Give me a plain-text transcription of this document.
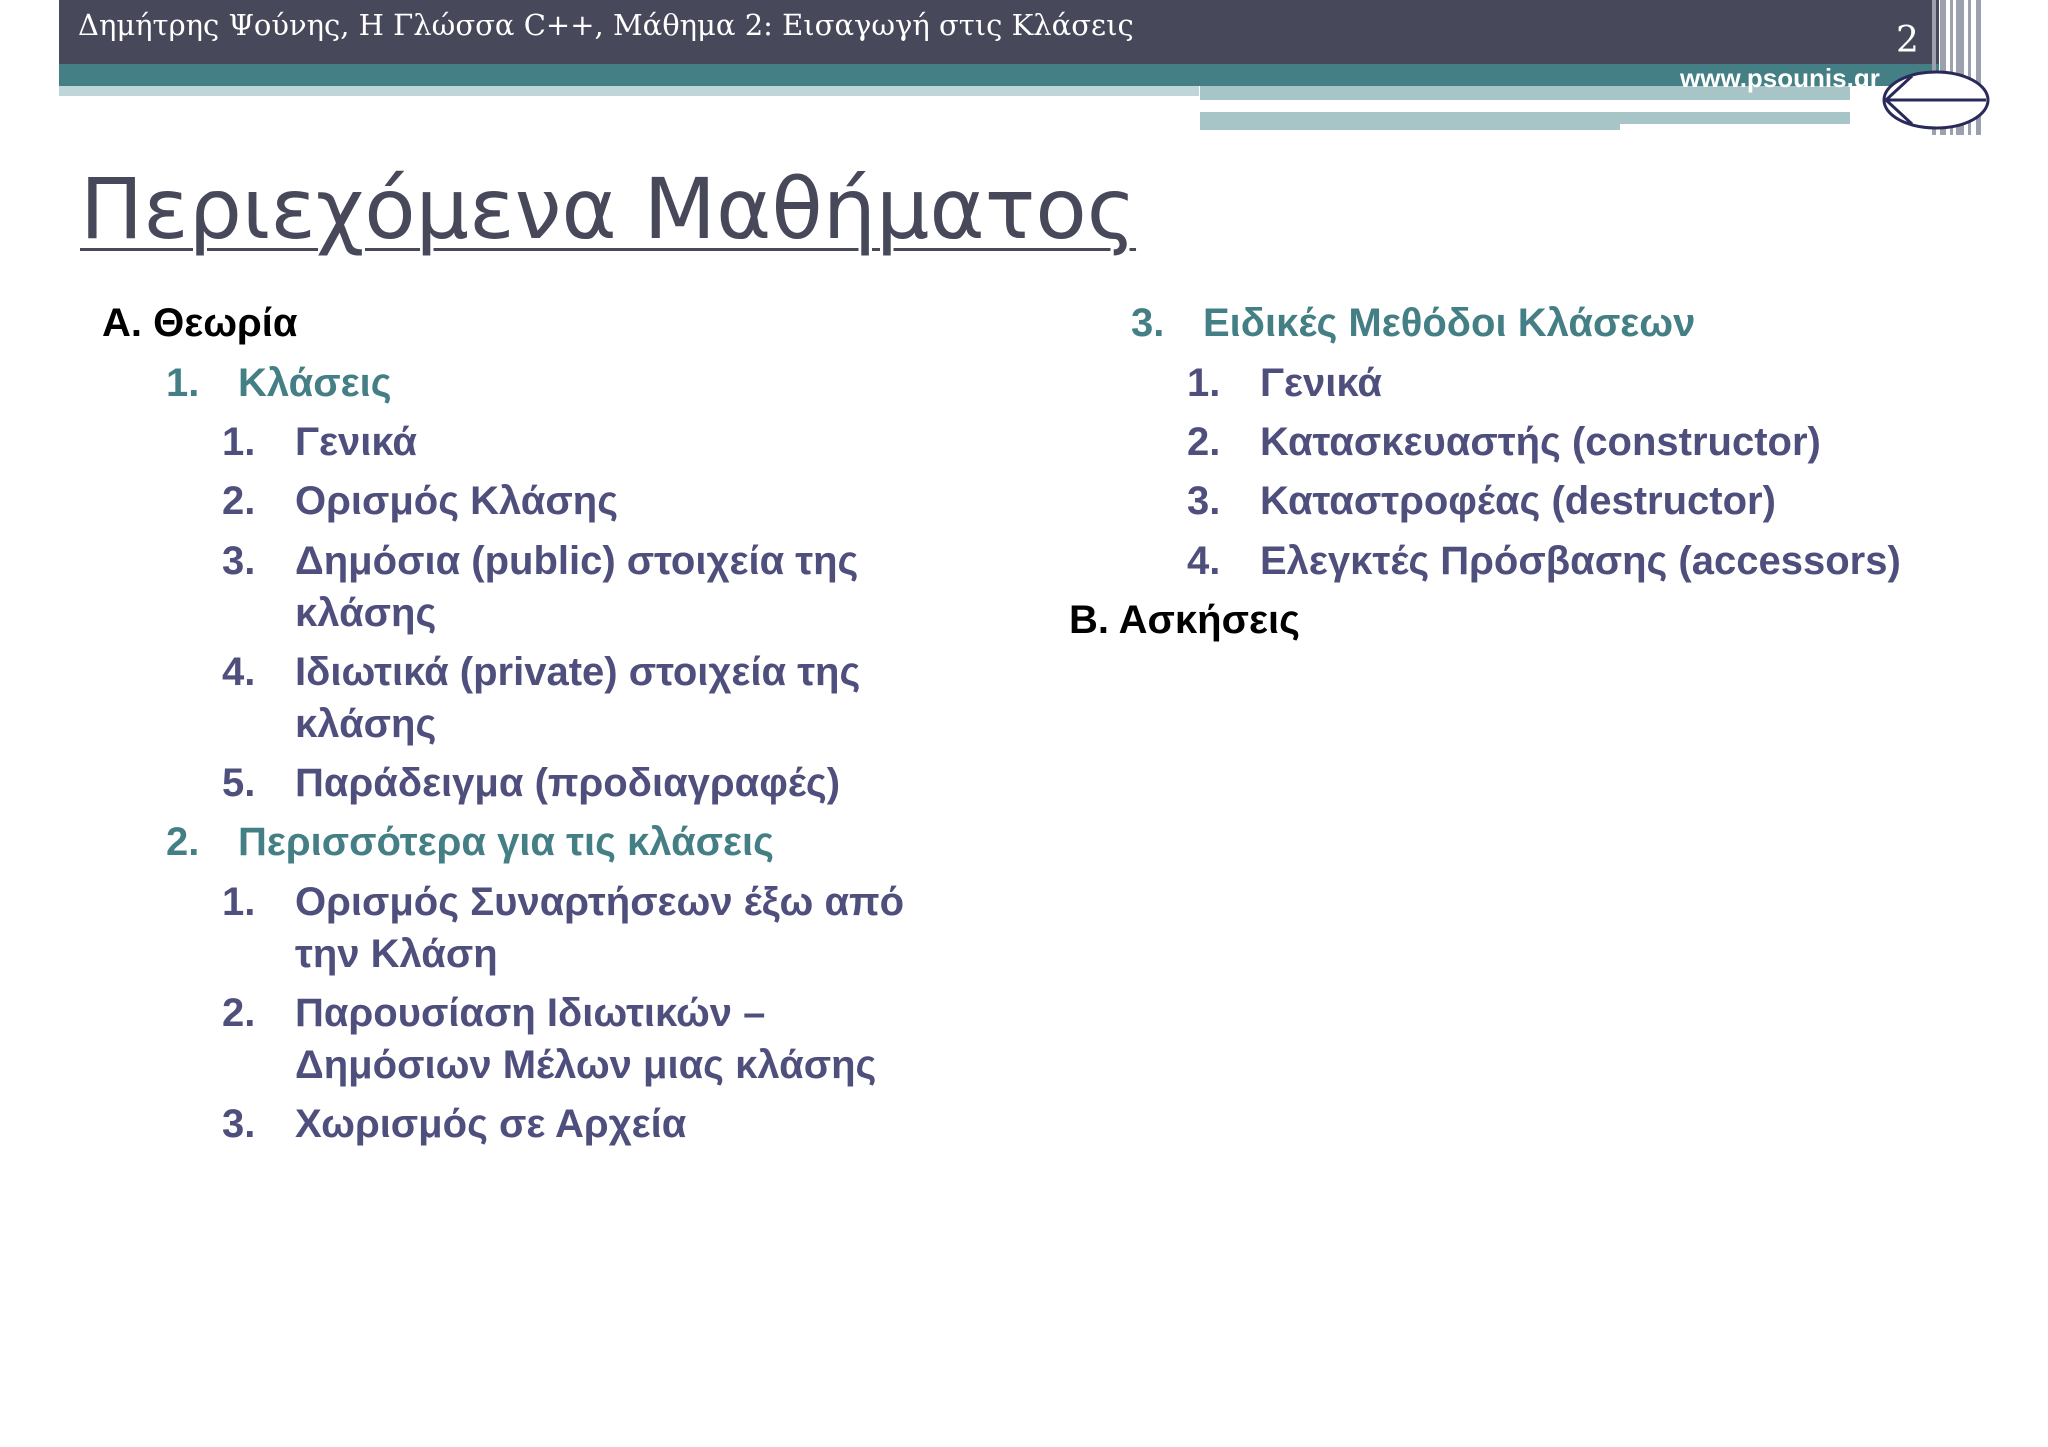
Δημήτρης Ψούνης, Η Γλώσσα C++, Μάθημα 2: Εισαγωγή στις Κλάσεις	2
www.psounis.gr
Περιεχόμενα Μαθήματος
Α. Θεωρία
1. Κλάσεις
1. Γενικά
2. Ορισμός Κλάσης
3. Δημόσια (public) στοιχεία της
κλάσης
4. Ιδιωτικά (private) στοιχεία της
κλάσης
5. Παράδειγμα (προδιαγραφές)
2. Περισσότερα για τις κλάσεις
1. Ορισμός Συναρτήσεων έξω από
την Κλάση
2. Παρουσίαση Ιδιωτικών –
Δημόσιων Μέλων μιας κλάσης
3. Χωρισμός σε Αρχεία
3. Ειδικές Μεθόδοι Κλάσεων
1. Γενικά
2. Κατασκευαστής (constructor)
3. Καταστροφέας (destructor)
4. Ελεγκτές Πρόσβασης (accessors)
Β. Ασκήσεις
